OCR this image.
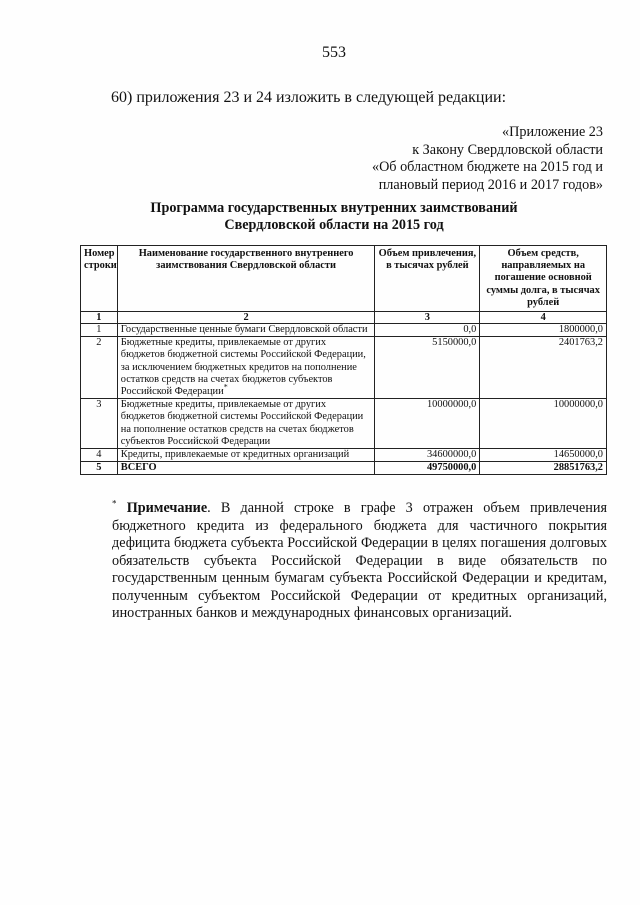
553
60) приложения 23 и 24 изложить в следующей редакции:
«Приложение 23
к Закону Свердловской области
«Об областном бюджете на 2015 год и
плановый период 2016 и 2017 годов»
Программа государственных внутренних заимствований
Свердловской области на 2015 год
Номер строки	Наименование государственного внутреннего заимствования Свердловской области	Объем привлечения, в тысячах рублей	Объем средств, направляемых на погашение основной суммы долга, в тысячах рублей
1	2	3	4
1	Государственные ценные бумаги Свердловской области	0,0	1800000,0
2	Бюджетные кредиты, привлекаемые от других бюджетов бюджетной системы Российской Федерации, за исключением бюджетных кредитов на пополнение остатков средств на счетах бюджетов субъектов Российской Федерации*	5150000,0	2401763,2
3	Бюджетные кредиты, привлекаемые от других бюджетов бюджетной системы Российской Федерации на пополнение остатков средств на счетах бюджетов субъектов Российской Федерации	10000000,0	10000000,0
4	Кредиты, привлекаемые от кредитных организаций	34600000,0	14650000,0
5	ВСЕГО	49750000,0	28851763,2
* Примечание. В данной строке в графе 3 отражен объем привлечения бюджетного кредита из федерального бюджета для частичного покрытия дефицита бюджета субъекта Российской Федерации в целях погашения долговых обязательств субъекта Российской Федерации в виде обязательств по государственным ценным бумагам субъекта Российской Федерации и кредитам, полученным субъектом Российской Федерации от кредитных организаций, иностранных банков и международных финансовых организаций.
